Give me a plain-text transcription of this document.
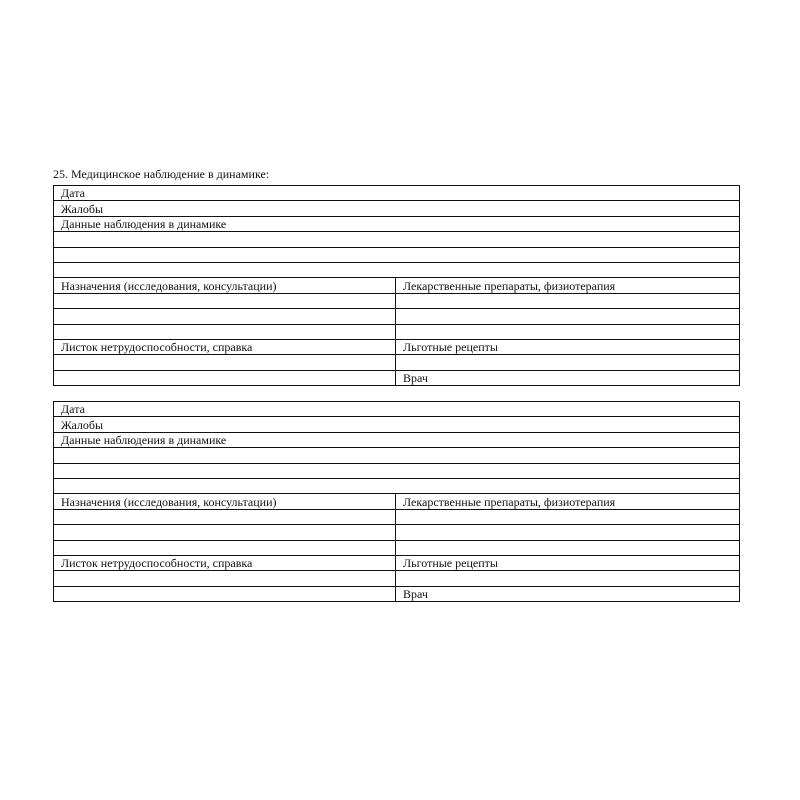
25. Медицинское наблюдение в динамике:
Дата	
Жалобы	
Данные наблюдения в динамике	

Назначения (исследования, консультации)	Лекарственные препараты, физиотерапия

Листок нетрудоспособности, справка	Льготные рецепты

	Врач
Дата	
Жалобы	
Данные наблюдения в динамике	

Назначения (исследования, консультации)	Лекарственные препараты, физиотерапия

Листок нетрудоспособности, справка	Льготные рецепты

	Врач
